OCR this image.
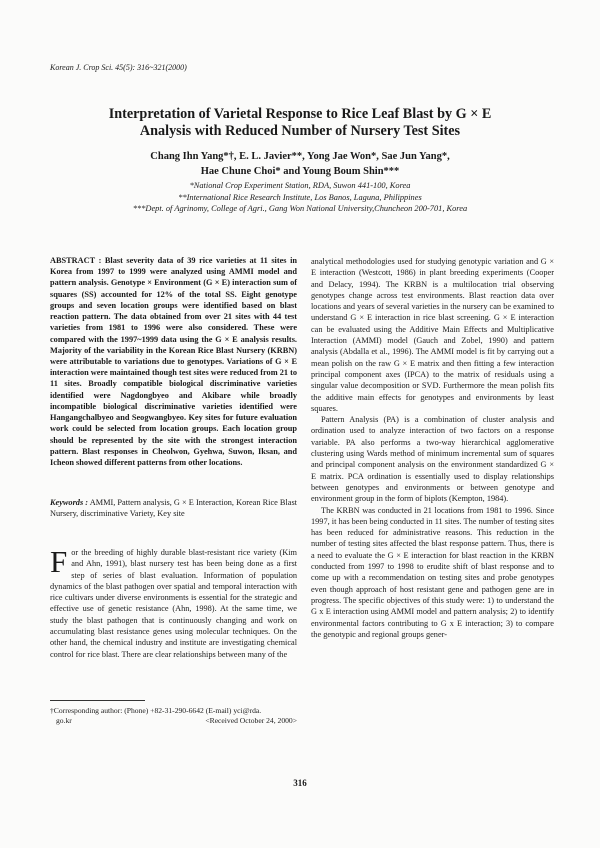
Korean J. Crop Sci. 45(5): 316~321(2000)
Interpretation of Varietal Response to Rice Leaf Blast by G × E
Analysis with Reduced Number of Nursery Test Sites
Chang Ihn Yang*†, E. L. Javier**, Yong Jae Won*, Sae Jun Yang*,
Hae Chune Choi* and Young Boum Shin***
*National Crop Experiment Station, RDA, Suwon 441-100, Korea
**International Rice Research Institute, Los Banos, Laguna, Philippines
***Dept. of Agrinomy, College of Agri., Gang Won National University,Chuncheon 200-701, Korea
ABSTRACT : Blast severity data of 39 rice varieties at 11 sites in Korea from 1997 to 1999 were analyzed using AMMI model and pattern analysis. Genotype × Environment (G × E) interaction sum of squares (SS) accounted for 12% of the total SS. Eight genotype groups and seven location groups were identified based on blast reaction pattern. The data obtained from over 21 sites with 44 test varieties from 1981 to 1996 were also considered. These were compared with the 1997~1999 data using the G × E analysis results. Majority of the variability in the Korean Rice Blast Nursery (KRBN) were attributable to variations due to genotypes. Variations of G × E interaction were maintained though test sites were reduced from 21 to 11 sites. Broadly compatible biological discriminative varieties identified were Nagdongbyeo and Akibare while broadly incompatible biological discriminative varieties identified were Hangangchalbyeo and Seogwangbyeo. Key sites for future evaluation work could be selected from location groups. Each location group should be represented by the site with the strongest interaction pattern. Blast responses in Cheolwon, Gyehwa, Suwon, Iksan, and Icheon showed different patterns from other locations.
Keywords : AMMI, Pattern analysis, G × E Interaction, Korean Rice Blast Nursery, discriminative Variety, Key site
For the breeding of highly durable blast-resistant rice variety (Kim and Ahn, 1991), blast nursery test has been being done as a first step of series of blast evaluation. Information of population dynamics of the blast pathogen over spatial and temporal interaction with rice cultivars under diverse environments is essential for the strategic and effective use of genetic resistance (Ahn, 1998). At the same time, we study the blast pathogen that is continuously changing and work on accumulating blast resistance genes using molecular techniques. On the other hand, the chemical industry and institute are investigating chemical control for rice blast. There are clear relationships between many of the
†Corresponding author: (Phone) +82-31-290-6642 (E-mail) yci@rda.
go.kr	<Received October 24, 2000>

analytical methodologies used for studying genotypic variation and G × E interaction (Westcott, 1986) in plant breeding experiments (Cooper and Delacy, 1994). The KRBN is a multilocation trial observing genotypes change across test environments. Blast reaction data over locations and years of several varieties in the nursery can be examined to understand G × E interaction in rice blast screening. G × E interaction can be evaluated using the Additive Main Effects and Multiplicative Interaction (AMMI) model (Gauch and Zobel, 1990) and pattern analysis (Abdalla et al., 1996). The AMMI model is fit by carrying out a mean polish on the raw G × E matrix and then fitting a few interaction principal component axes (IPCA) to the matrix of residuals using a singular value decomposition or SVD. Furthermore the mean polish fits the additive main effects for genotypes and environments by least squares.

Pattern Analysis (PA) is a combination of cluster analysis and ordination used to analyze interaction of two factors on a response variable. PA also performs a two-way hierarchical agglomerative clustering using Wards method of minimum incremental sum of squares and principal component analysis on the environment standardized G × E matrix. PCA ordination is essentially used to display relationships between genotypes and environments or between genotype and environment group in the form of biplots (Kempton, 1984).

The KRBN was conducted in 21 locations from 1981 to 1996. Since 1997, it has been being conducted in 11 sites. The number of testing sites has been reduced for administrative reasons. This reduction in the number of testing sites affected the blast response pattern. Thus, there is a need to evaluate the G × E interaction for blast reaction in the KRBN conducted from 1997 to 1998 to erudite shift of blast response and to come up with a recommendation on testing sites and probe genotypes even though approach of host resistant gene and pathogen gene are in progress. The specific objectives of this study were: 1) to understand the G x E interaction using AMMI model and pattern analysis; 2) to identify environmental factors contributing to G x E interaction; 3) to compare the genotypic and regional groups gener-

316
